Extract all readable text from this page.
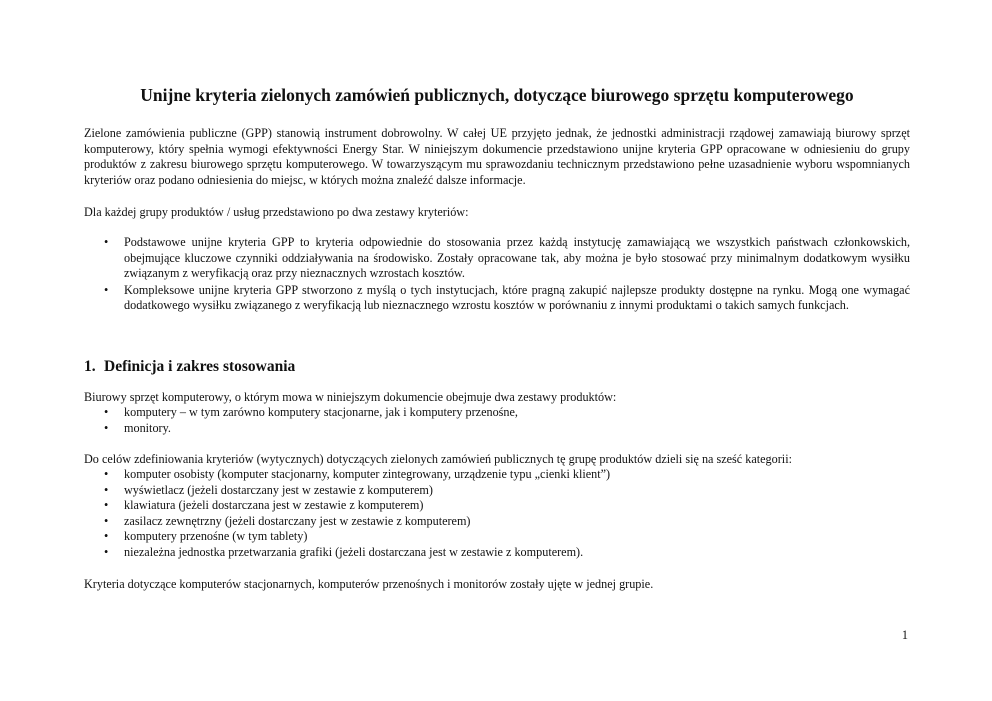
Unijne kryteria zielonych zamówień publicznych, dotyczące biurowego sprzętu komputerowego

Zielone zamówienia publiczne (GPP) stanowią instrument dobrowolny. W całej UE przyjęto jednak, że jednostki administracji rządowej zamawiają biurowy sprzęt komputerowy, który spełnia wymogi efektywności Energy Star. W niniejszym dokumencie przedstawiono unijne kryteria GPP opracowane w odniesieniu do grupy produktów z zakresu biurowego sprzętu komputerowego. W towarzyszącym mu sprawozdaniu technicznym przedstawiono pełne uzasadnienie wyboru wspomnianych kryteriów oraz podano odniesienia do miejsc, w których można znaleźć dalsze informacje.

Dla każdej grupy produktów / usług przedstawiono po dwa zestawy kryteriów:

• Podstawowe unijne kryteria GPP to kryteria odpowiednie do stosowania przez każdą instytucję zamawiającą we wszystkich państwach członkowskich, obejmujące kluczowe czynniki oddziaływania na środowisko. Zostały opracowane tak, aby można je było stosować przy minimalnym dodatkowym wysiłku związanym z weryfikacją oraz przy nieznacznych wzrostach kosztów.
• Kompleksowe unijne kryteria GPP stworzono z myślą o tych instytucjach, które pragną zakupić najlepsze produkty dostępne na rynku. Mogą one wymagać dodatkowego wysiłku związanego z weryfikacją lub nieznacznego wzrostu kosztów w porównaniu z innymi produktami o takich samych funkcjach.
1. Definicja i zakres stosowania

Biurowy sprzęt komputerowy, o którym mowa w niniejszym dokumencie obejmuje dwa zestawy produktów:

• komputery – w tym zarówno komputery stacjonarne, jak i komputery przenośne,
• monitory.

Do celów zdefiniowania kryteriów (wytycznych) dotyczących zielonych zamówień publicznych tę grupę produktów dzieli się na sześć kategorii:

• komputer osobisty (komputer stacjonarny, komputer zintegrowany, urządzenie typu „cienki klient”)
• wyświetlacz (jeżeli dostarczany jest w zestawie z komputerem)
• klawiatura (jeżeli dostarczana jest w zestawie z komputerem)
• zasilacz zewnętrzny (jeżeli dostarczany jest w zestawie z komputerem)
• komputery przenośne (w tym tablety)
• niezależna jednostka przetwarzania grafiki (jeżeli dostarczana jest w zestawie z komputerem).

Kryteria dotyczące komputerów stacjonarnych, komputerów przenośnych i monitorów zostały ujęte w jednej grupie.

1
